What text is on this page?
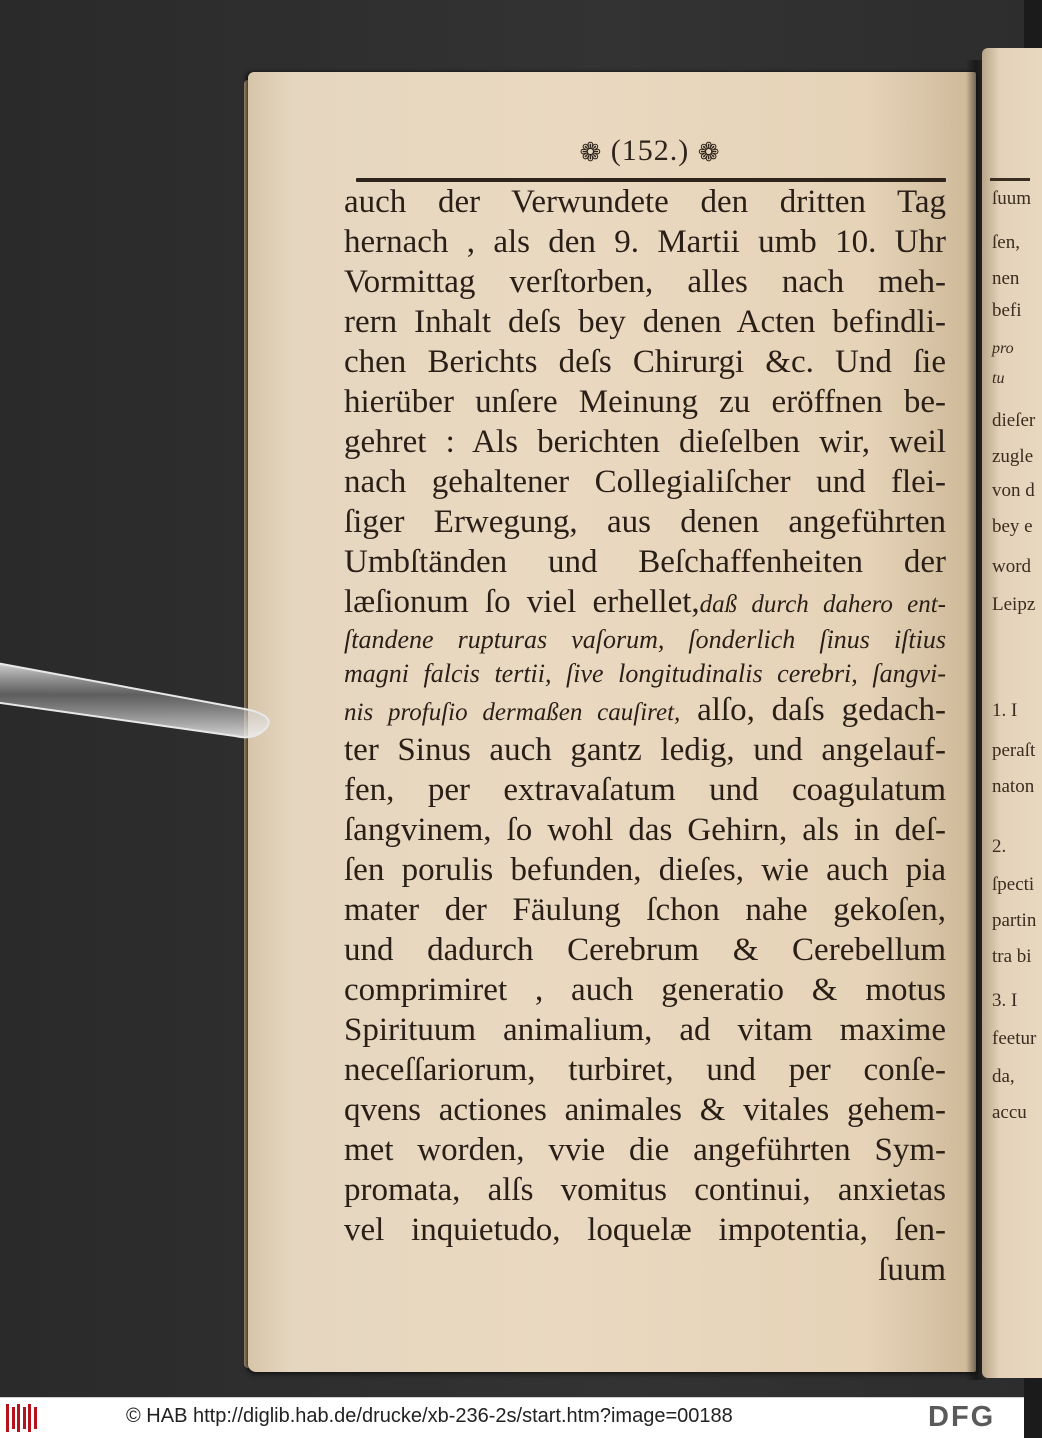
ſuum
ſen,
nen
befi
pro
tu
dieſer
zugle
von d
bey e
word
Leipz
1. I
peraſt
naton
2.
ſpecti
partin
tra bi
3. I
feetur
da,
accu
❁ (152.) ❁
auch der Verwundete den dritten Tag
hernach , als den 9. Martii umb 10. Uhr
Vormittag verſtorben, alles nach meh-
rern Inhalt deſs bey denen Acten befindli-
chen Berichts deſs Chirurgi &c. Und ſie
hierüber unſere Meinung zu eröffnen be-
gehret : Als berichten dieſelben wir, weil
nach gehaltener Collegialiſcher und flei-
ſiger Erwegung, aus denen angeführten
Umbſtänden und Beſchaffenheiten der
læſionum ſo viel erhellet,daß durch dahero ent-
ſtandene rupturas vaſorum, ſonderlich ſinus iſtius
magni falcis tertii, ſive longitudinalis cerebri, ſangvi-
nis profuſio dermaßen cauſiret, alſo, daſs gedach-
ter Sinus auch gantz ledig, und angelauf-
fen, per extravaſatum und coagulatum
ſangvinem, ſo wohl das Gehirn, als in deſ-
ſen porulis befunden, dieſes, wie auch pia
mater der Fäulung ſchon nahe gekoſen,
und dadurch Cerebrum & Cerebellum
comprimiret , auch generatio & motus
Spirituum animalium, ad vitam maxime
neceſſariorum, turbiret, und per conſe-
qvens actiones animales & vitales gehem-
met worden, vvie die angeführten Sym-
promata, alſs vomitus continui, anxietas
vel inquietudo, loquelæ impotentia, ſen-
ſuum
© HAB http://diglib.hab.de/drucke/xb-236-2s/start.htm?image=00188	DFG
